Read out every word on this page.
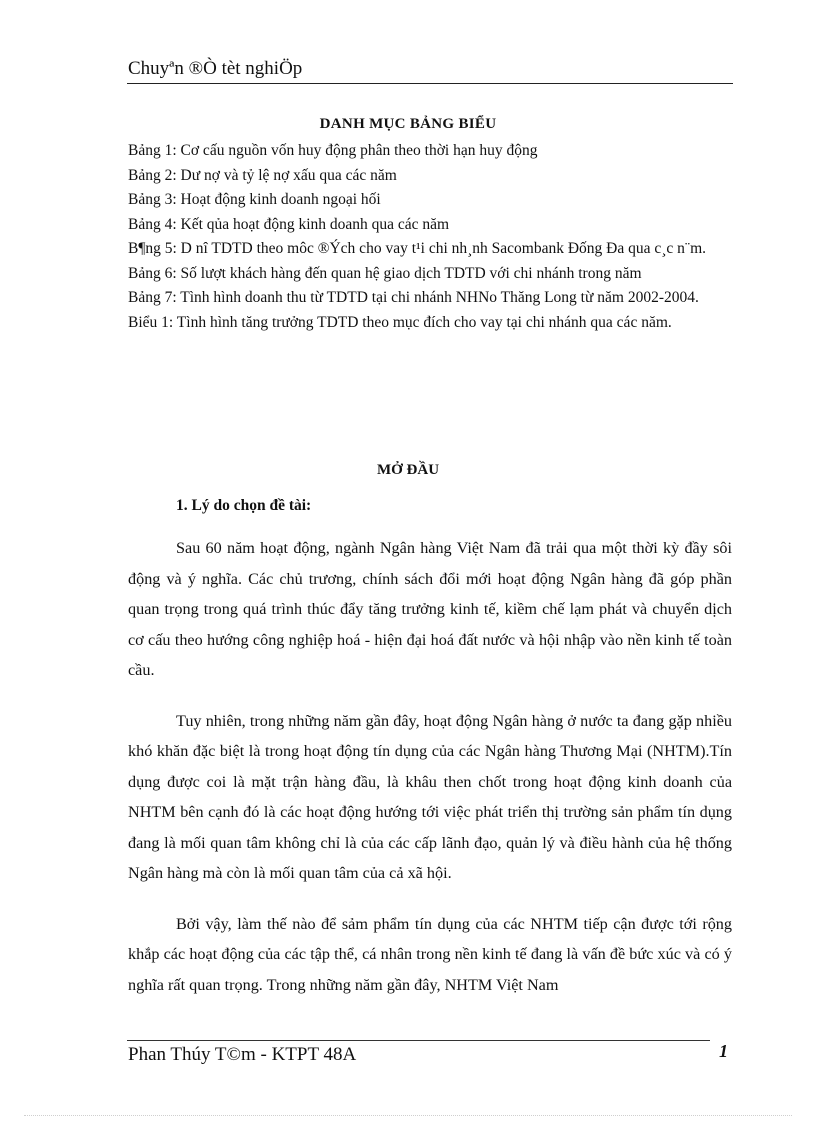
Chuyªn ®Ò tèt nghiÖp
DANH MỤC BẢNG BIỂU
Bảng 1: Cơ cấu nguồn vốn huy động phân theo thời hạn huy động
Bảng 2: Dư nợ và tỷ lệ nợ xấu qua các năm
Bảng 3: Hoạt động kinh doanh ngoại hối
Bảng 4: Kết qủa hoạt động kinh doanh qua các năm
B¶ng 5: D nî TDTD theo môc ®Ých cho vay t¹i chi nh¸nh Sacombank Đống Đa qua c¸c n¨m.
Bảng 6: Số lượt khách hàng đến quan hệ giao dịch TDTD với chi nhánh trong năm
Bảng 7: Tình hình doanh thu từ TDTD tại chi nhánh NHNo Thăng Long từ năm 2002-2004.
Biểu 1: Tình hình tăng trưởng TDTD theo mục đích cho vay tại chi nhánh qua các năm.
MỞ ĐẦU
1. Lý do chọn đề tài:

Sau 60 năm hoạt động, ngành Ngân hàng Việt Nam đã trải qua một thời kỳ đầy sôi động và ý nghĩa. Các chủ trương, chính sách đổi mới hoạt động Ngân hàng đã góp phần quan trọng trong quá trình thúc đẩy tăng trưởng kinh tế, kiềm chế lạm phát và chuyển dịch cơ cấu theo hướng công nghiệp hoá - hiện đại hoá đất nước và hội nhập vào nền kinh tế toàn cầu.

Tuy nhiên, trong những năm gần đây, hoạt động Ngân hàng ở nước ta đang gặp nhiều khó khăn đặc biệt là trong hoạt động tín dụng của các Ngân hàng Thương Mại (NHTM).Tín dụng được coi là mặt trận hàng đầu, là khâu then chốt trong hoạt động kinh doanh của NHTM bên cạnh đó là các hoạt động hướng tới việc phát triển thị trường sản phẩm tín dụng đang là mối quan tâm không chỉ là của các cấp lãnh đạo, quản lý và điều hành của hệ thống Ngân hàng mà còn là mối quan tâm của cả xã hội.

Bởi vậy, làm thế nào để sảm phẩm tín dụng của các NHTM tiếp cận được tới rộng khắp các hoạt động của các tập thể, cá nhân trong nền kinh tế đang là vấn đề bức xúc và có ý nghĩa rất quan trọng. Trong những năm gần đây, NHTM Việt Nam

Phan Thúy T©m - KTPT 48A	1
